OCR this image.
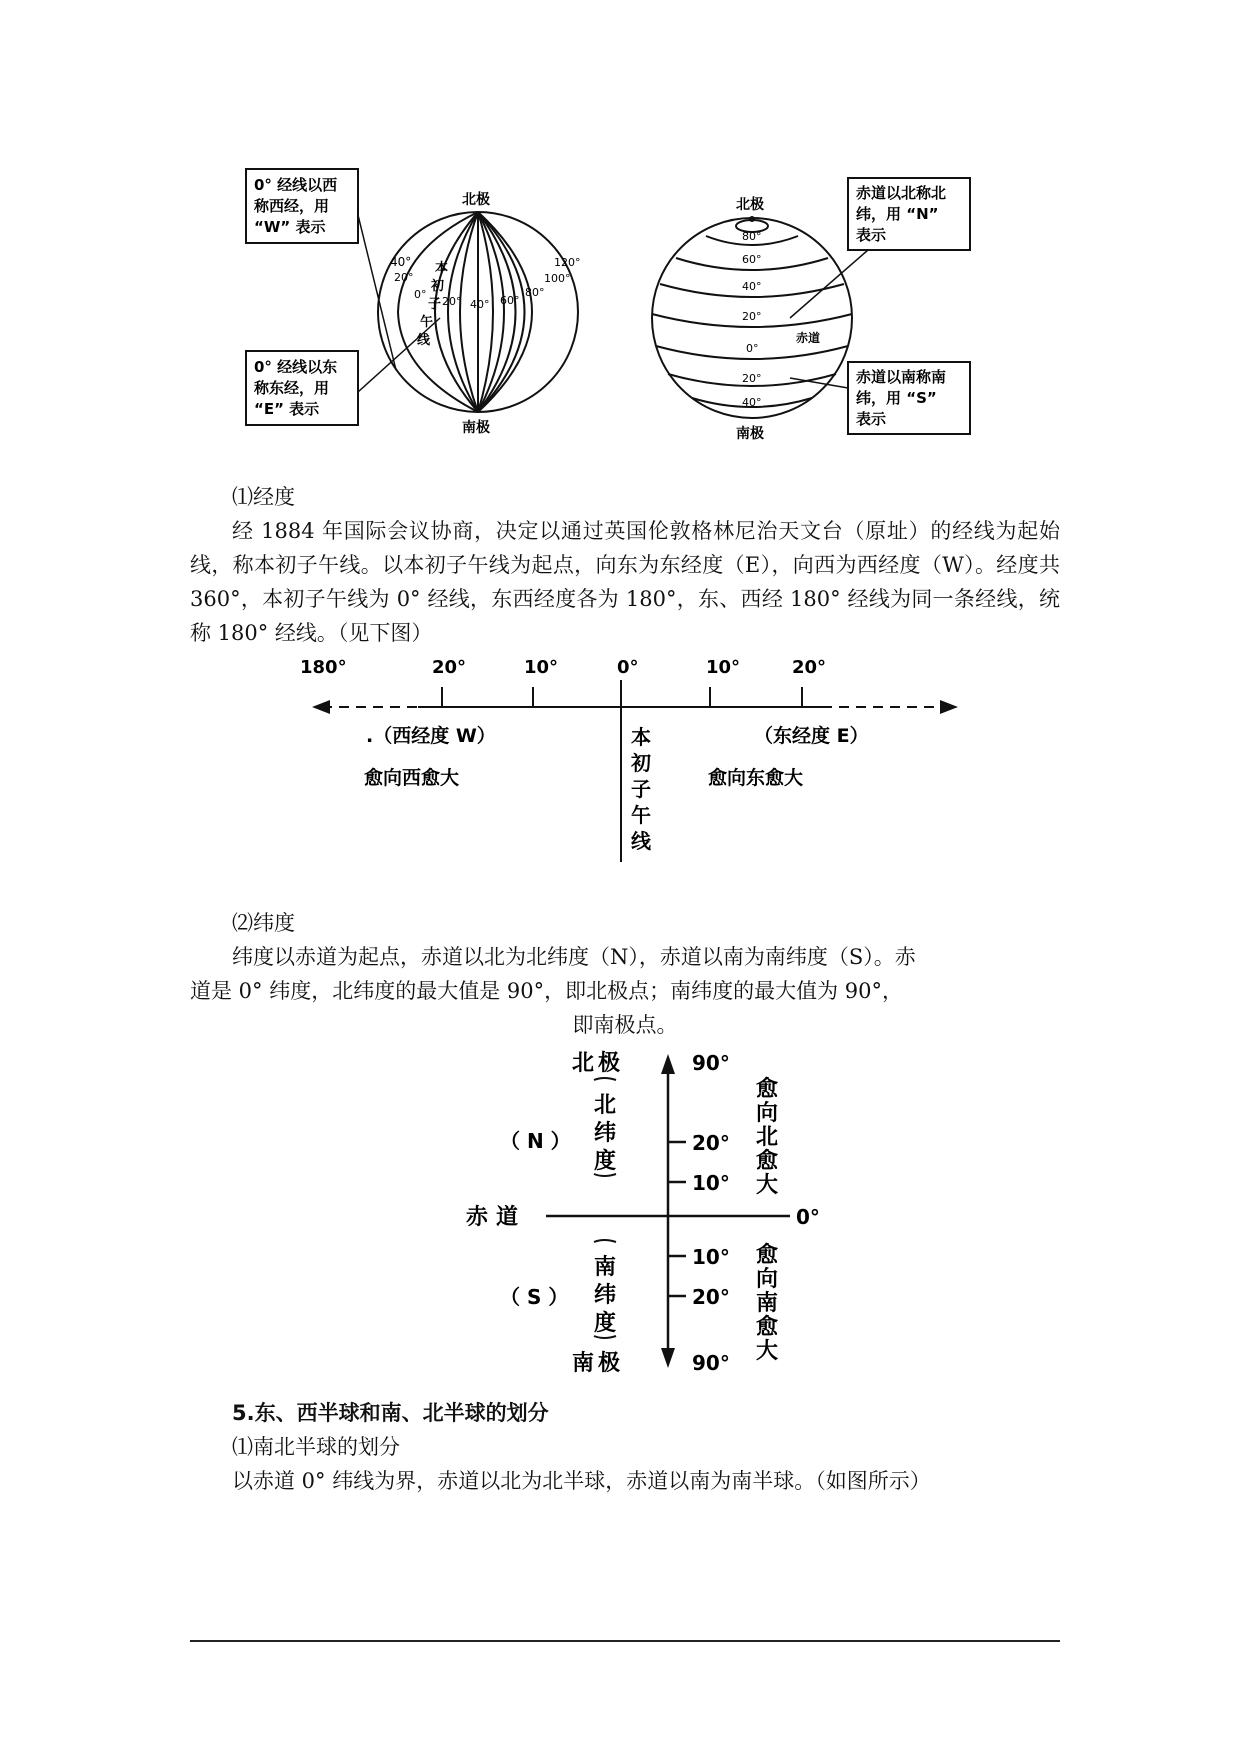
北极
南极
40°
20°
0°
本
初
子
午
线
20° 40° 60°
80°
100°
120°
0° 经线以西
称西经，用
“W” 表示
0° 经线以东
称东经，用
“E” 表示
北极
南极
80°
60°
40°
20°
0°
20°
40°
赤道
赤道以北称北
纬，用 “N”
表示
赤道以南称南
纬，用 “S”
表示

⑴经度

经 1884 年国际会议协商，决定以通过英国伦敦格林尼治天文台（原址）的经线为起始线，称本初子午线。以本初子午线为起点，向东为东经度（E），向西为西经度（W）。经度共 360°，本初子午线为 0° 经线，东西经度各为 180°，东、西经 180° 经线为同一条经线，统称 180° 经线。（见下图）

180°	20°	10°	0°	10°	20°
.（西经度 W）	（东经度 E）
愈向西愈大	愈向东愈大
本
初
子
午
线

⑵纬度

纬度以赤道为起点，赤道以北为北纬度（N），赤道以南为南纬度（S）。赤

道是 0° 纬度，北纬度的最大值是 90°，即北极点；南纬度的最大值为 90°，

即南极点。

北极
南极
赤道	0°
（ N ）
（ S ）
北
纬
度
南
纬
度
90°
20°
10°
10°
20°
90°
愈
向
北
愈
大
愈
向
南
愈
大

5.东、西半球和南、北半球的划分

⑴南北半球的划分

以赤道 0° 纬线为界，赤道以北为北半球，赤道以南为南半球。（如图所示）
